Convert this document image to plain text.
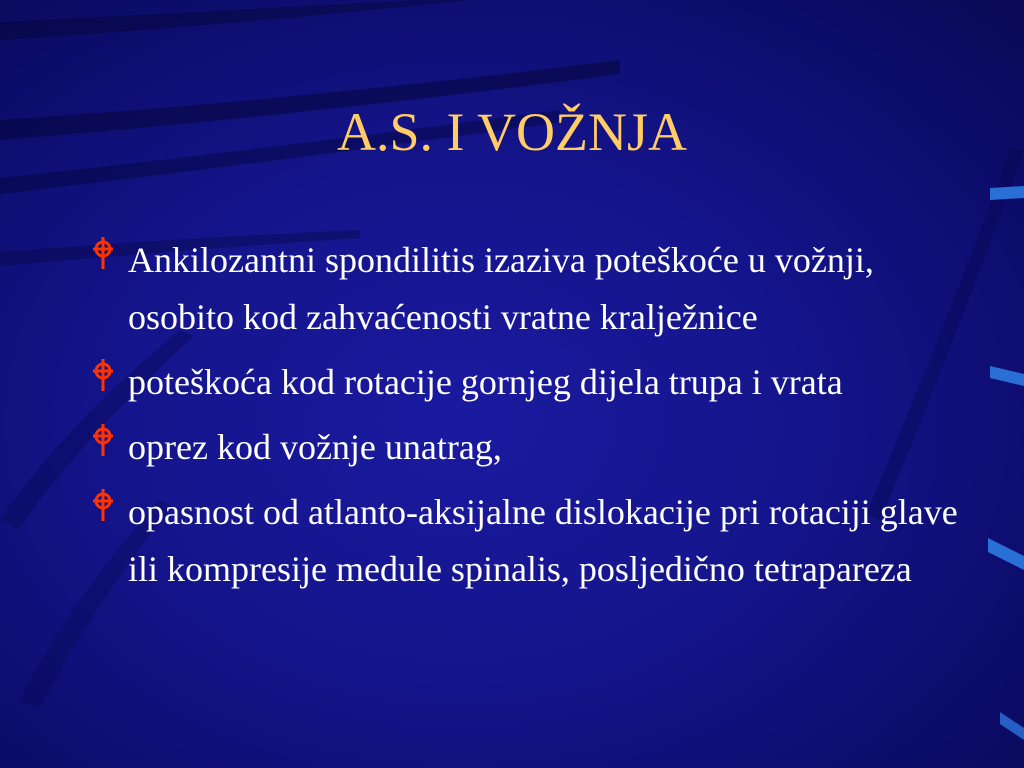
A.S. I VOŽNJA
Ankilozantni spondilitis izaziva poteškoće u vožnji, osobito kod zahvaćenosti vratne kralježnice
poteškoća kod rotacije gornjeg dijela trupa i vrata
oprez kod vožnje unatrag,
opasnost od atlanto-aksijalne dislokacije pri rotaciji glave ili kompresije medule spinalis, posljedično tetrapareza
